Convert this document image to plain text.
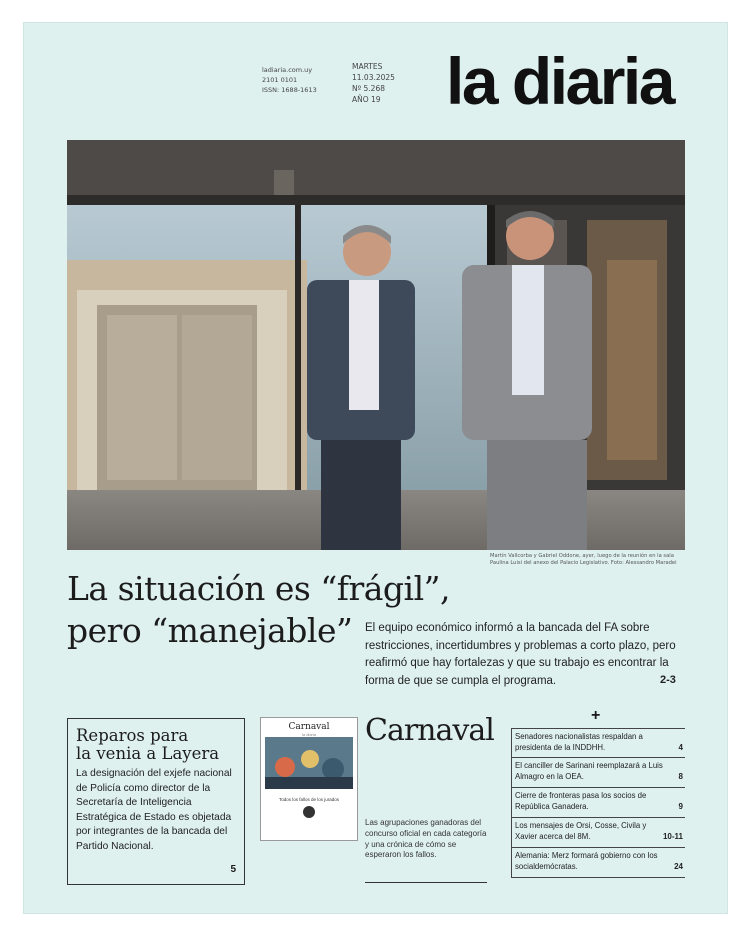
ladiaria.com.uy
2101 0101
ISSN: 1688-1613
MARTES
11.03.2025
Nº 5.268
AÑO 19 la diaria
Martín Vallcorba y Gabriel Oddone, ayer, luego de la reunión en la sala Paulina Luisi del anexo del Palacio Legislativo. Foto: Alessandro Maradei
La situación es “frágil”,
pero “manejable”	El equipo económico informó a la bancada del FA sobre restricciones, incertidumbres y problemas a corto plazo, pero reafirmó que hay fortalezas y que su trabajo es encontrar la forma de que se cumpla el programa.	2-3
Reparos para
la venia a Layera
La designación del exjefe nacional de Policía como director de la Secretaría de Inteligencia Estratégica de Estado es objetada por integrantes de la bancada del Partido Nacional.
5
Carnaval
la diaria
Todos los fallos de los jurados
Carnaval
Las agrupaciones ganadoras del concurso oficial en cada categoría y una crónica de cómo se esperaron los fallos.
+
Senadores nacionalistas respaldan a presidenta de la INDDHH.	4
El canciller de Sarinani reemplazará a Luis Almagro en la OEA.	8
Cierre de fronteras pasa los socios de República Ganadera.	9
Los mensajes de Orsi, Cosse, Civila y Xavier acerca del 8M.	10-11
Alemania: Merz formará gobierno con los socialdemócratas.	24
